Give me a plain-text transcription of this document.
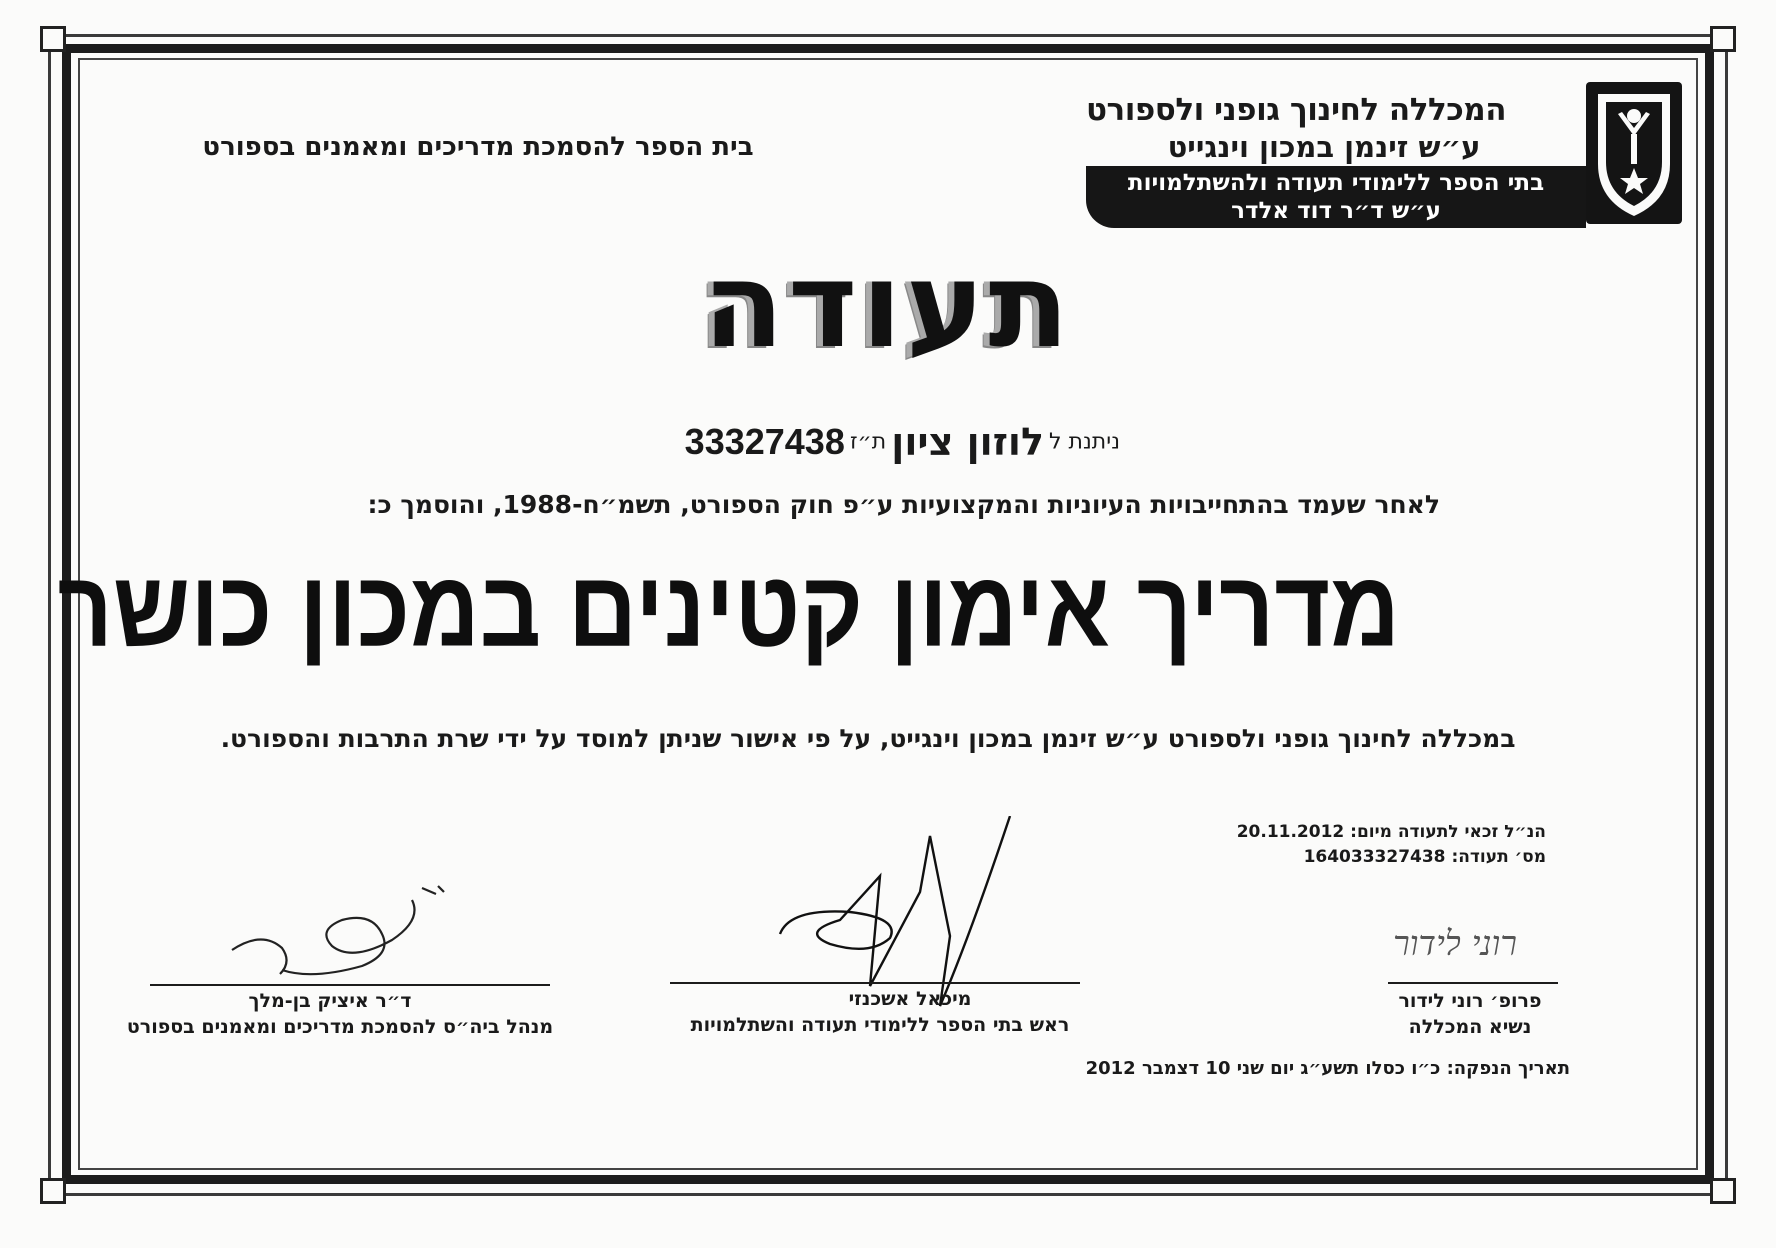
המכללה לחינוך גופני ולספורט
ע״ש זינמן במכון וינגייט
בתי הספר ללימודי תעודה ולהשתלמויות
ע״ש ד״ר דוד אלדר
בית הספר להסמכת מדריכים ומאמנים בספורט
תעודה
ניתנת ל לוזון ציון ת״ז 33327438
לאחר שעמד בהתחייבויות העיוניות והמקצועיות ע״פ חוק הספורט, תשמ״ח-1988, והוסמך כ:
מדריך אימון קטינים במכון כושר
במכללה לחינוך גופני ולספורט ע״ש זינמן במכון וינגייט, על פי אישור שניתן למוסד על ידי שרת התרבות והספורט.
הנ״ל זכאי לתעודה מיום: 20.11.2012
מס׳ תעודה: 164033327438
ד״ר איציק בן-מלך
מנהל ביה״ס להסמכת מדריכים ומאמנים בספורט
מיכאל אשכנזי
ראש בתי הספר ללימודי תעודה והשתלמויות
רוני לידור
פרופ׳ רוני לידור
נשיא המכללה
תאריך הנפקה: כ״ו כסלו תשע״ג יום שני 10 דצמבר 2012
